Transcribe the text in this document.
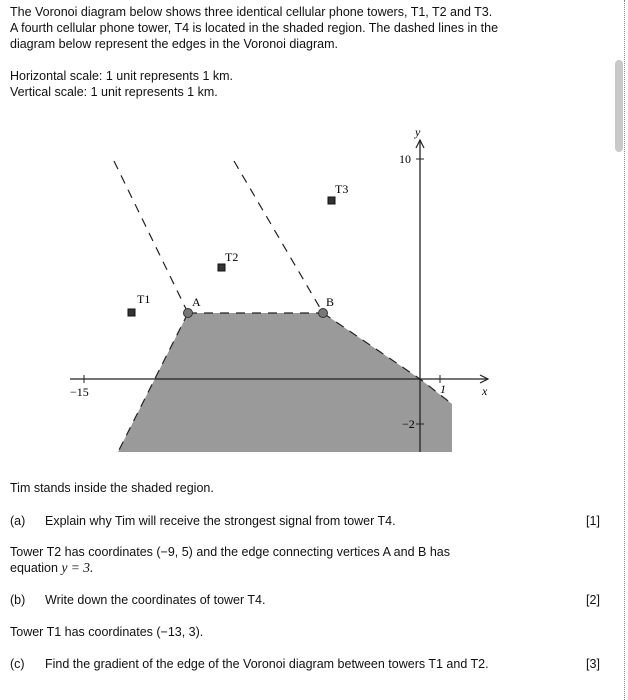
The Voronoi diagram below shows three identical cellular phone towers, T1, T2 and T3.
A fourth cellular phone tower, T4 is located in the shaded region. The dashed lines in the
diagram below represent the edges in the Voronoi diagram.
Horizontal scale: 1 unit represents 1 km.
Vertical scale: 1 unit represents 1 km.
T1
T2
T3
A	B
10
−2
−15	1	x
y
Tim stands inside the shaded region.
(a) Explain why Tim will receive the strongest signal from tower T4.	[1]
Tower T2 has coordinates (−9, 5) and the edge connecting vertices A and B has
equation y = 3.
(b) Write down the coordinates of tower T4.	[2]
Tower T1 has coordinates (−13, 3).
(c) Find the gradient of the edge of the Voronoi diagram between towers T1 and T2.	[3]
